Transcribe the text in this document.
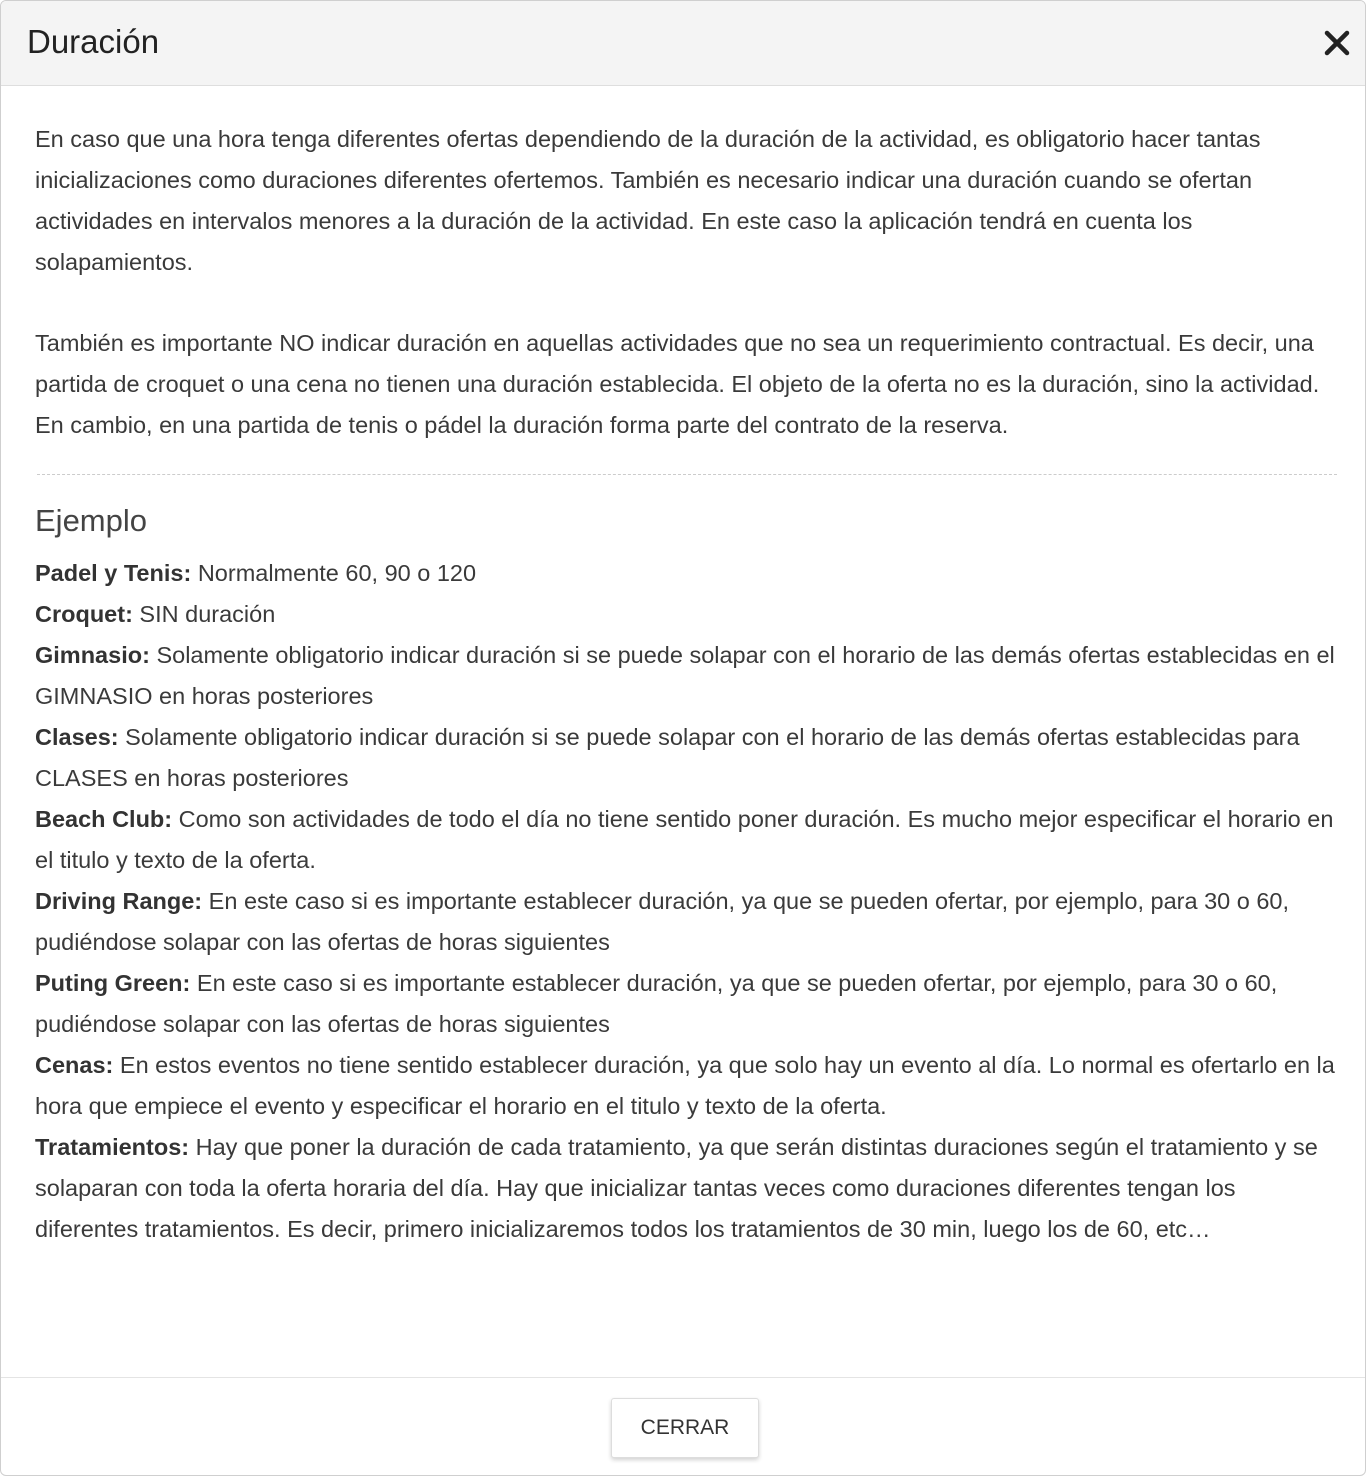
Duración

En caso que una hora tenga diferentes ofertas dependiendo de la duración de la actividad, es obligatorio hacer tantas inicializaciones como duraciones diferentes ofertemos. También es necesario indicar una duración cuando se ofertan actividades en intervalos menores a la duración de la actividad. En este caso la aplicación tendrá en cuenta los solapamientos.

También es importante NO indicar duración en aquellas actividades que no sea un requerimiento contractual. Es decir, una partida de croquet o una cena no tienen una duración establecida. El objeto de la oferta no es la duración, sino la actividad. En cambio, en una partida de tenis o pádel la duración forma parte del contrato de la reserva.

Ejemplo

Padel y Tenis: Normalmente 60, 90 o 120

Croquet: SIN duración

Gimnasio: Solamente obligatorio indicar duración si se puede solapar con el horario de las demás ofertas establecidas en el GIMNASIO en horas posteriores

Clases: Solamente obligatorio indicar duración si se puede solapar con el horario de las demás ofertas establecidas para CLASES en horas posteriores

Beach Club: Como son actividades de todo el día no tiene sentido poner duración. Es mucho mejor especificar el horario en el titulo y texto de la oferta.

Driving Range: En este caso si es importante establecer duración, ya que se pueden ofertar, por ejemplo, para 30 o 60, pudiéndose solapar con las ofertas de horas siguientes

Puting Green: En este caso si es importante establecer duración, ya que se pueden ofertar, por ejemplo, para 30 o 60, pudiéndose solapar con las ofertas de horas siguientes

Cenas: En estos eventos no tiene sentido establecer duración, ya que solo hay un evento al día. Lo normal es ofertarlo en la hora que empiece el evento y especificar el horario en el titulo y texto de la oferta.

Tratamientos: Hay que poner la duración de cada tratamiento, ya que serán distintas duraciones según el tratamiento y se solaparan con toda la oferta horaria del día. Hay que inicializar tantas veces como duraciones diferentes tengan los diferentes tratamientos. Es decir, primero inicializaremos todos los tratamientos de 30 min, luego los de 60, etc…

CERRAR
